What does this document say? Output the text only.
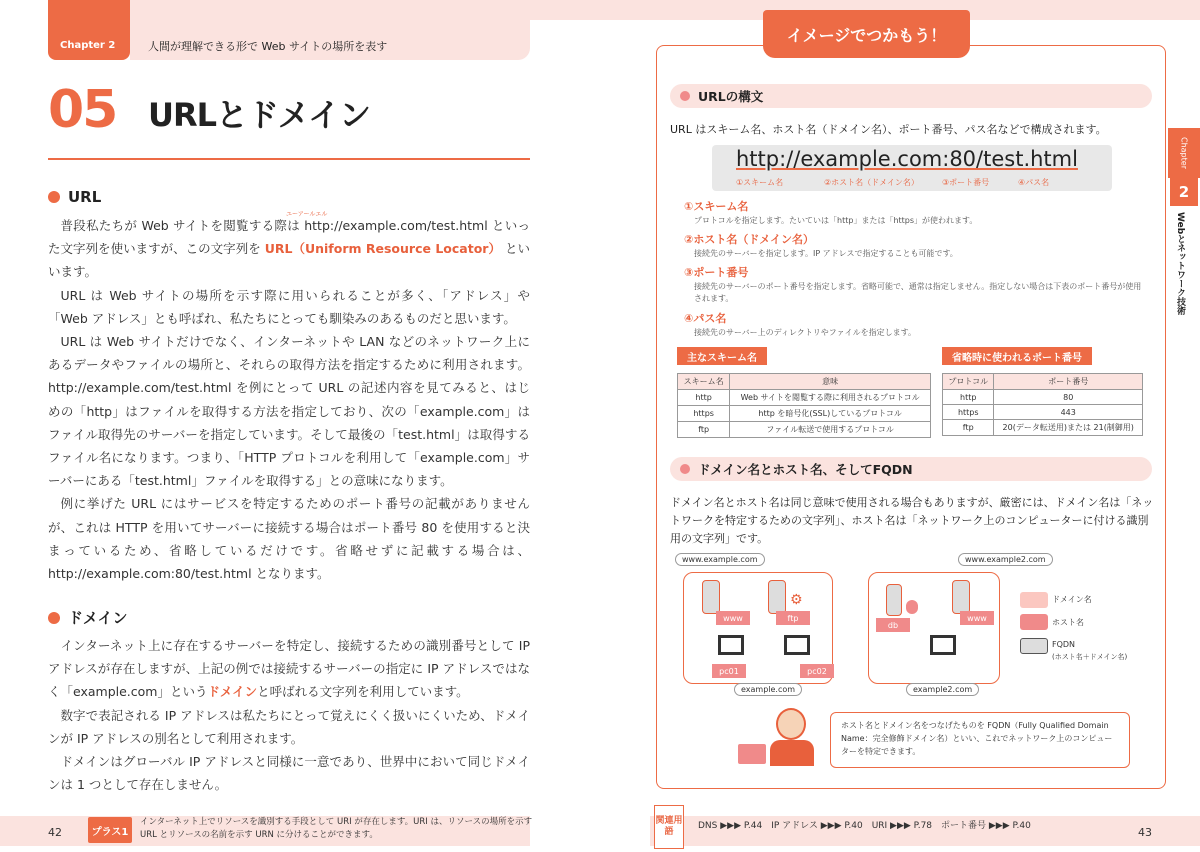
Chapter 2	人間が理解できる形で Web サイトの場所を表す
05 URLとドメイン
URL
ユーアールエル

普段私たちが Web サイトを閲覧する際は http://example.com/test.html といった文字列を使いますが、この文字列を URL（Uniform Resource Locator） といいます。

URL は Web サイトの場所を示す際に用いられることが多く、「アドレス」や「Web アドレス」とも呼ばれ、私たちにとっても馴染みのあるものだと思います。

URL は Web サイトだけでなく、インターネットや LAN などのネットワーク上にあるデータやファイルの場所と、それらの取得方法を指定するために利用されます。http://example.com/test.html を例にとって URL の記述内容を見てみると、はじめの「http」はファイルを取得する方法を指定しており、次の「example.com」はファイル取得先のサーバーを指定しています。そして最後の「test.html」は取得するファイル名になります。つまり、「HTTP プロトコルを利用して「example.com」サーバーにある「test.html」ファイルを取得する」との意味になります。

例に挙げた URL にはサービスを特定するためのポート番号の記載がありませんが、これは HTTP を用いてサーバーに接続する場合はポート番号 80 を使用すると決まっているため、省略しているだけです。省略せずに記載する場合は、http://example.com:80/test.html となります。

ドメイン

インターネット上に存在するサーバーを特定し、接続するための識別番号として IP アドレスが存在しますが、上記の例では接続するサーバーの指定に IP アドレスではなく「example.com」というドメインと呼ばれる文字列を利用しています。

数字で表記される IP アドレスは私たちにとって覚えにくく扱いにくいため、ドメインが IP アドレスの別名として利用されます。

ドメインはグローバル IP アドレスと同様に一意であり、世界中において同じドメインは 1 つとして存在しません。

42	プラス1
インターネット上でリソースを識別する手段として URI が存在します。URI は、リソースの場所を示す URL とリソースの名前を示す URN に分けることができます。
イメージでつかもう！
URLの構文
URL はスキーム名、ホスト名（ドメイン名）、ポート番号、パス名などで構成されます。
http://example.com:80/test.html
①スキーム名	②ホスト名（ドメイン名）	③ポート番号	④パス名
①スキーム名
プロトコルを指定します。たいていは「http」または「https」が使われます。
②ホスト名（ドメイン名）
接続先のサーバーを指定します。IP アドレスで指定することも可能です。
③ポート番号
接続先のサーバーのポート番号を指定します。省略可能で、通常は指定しません。指定しない場合は下表のポート番号が使用されます。
④パス名
接続先のサーバー上のディレクトリやファイルを指定します。
主なスキーム名	省略時に使われるポート番号
スキーム名	意味
http	Web サイトを閲覧する際に利用されるプロトコル
https	http を暗号化(SSL)しているプロトコル
ftp	ファイル転送で使用するプロトコル
プロトコル	ポート番号
http	80
https	443
ftp	20(データ転送用)または 21(制御用)
ドメイン名とホスト名、そしてFQDN
ドメイン名とホスト名は同じ意味で使用される場合もありますが、厳密には、ドメイン名は「ネットワークを特定するための文字列」、ホスト名は「ネットワーク上のコンピューターに付ける識別用の文字列」です。
www.example.com
⚙
www	ftp
pc01	pc02
example.com
www.example2.com
db
www
example2.com
ドメイン名
ホスト名
FQDN
(ホスト名＋ドメイン名)
ホスト名とドメイン名をつなげたものを FQDN（Fully Qualified Domain Name：完全修飾ドメイン名）といい、これでネットワーク上のコンピューターを特定できます。
Chapter
2
Webとネットワーク技術
関連用語
DNS ▶▶▶ P.44　IP アドレス ▶▶▶ P.40　URI ▶▶▶ P.78　ポート番号 ▶▶▶ P.40	43
